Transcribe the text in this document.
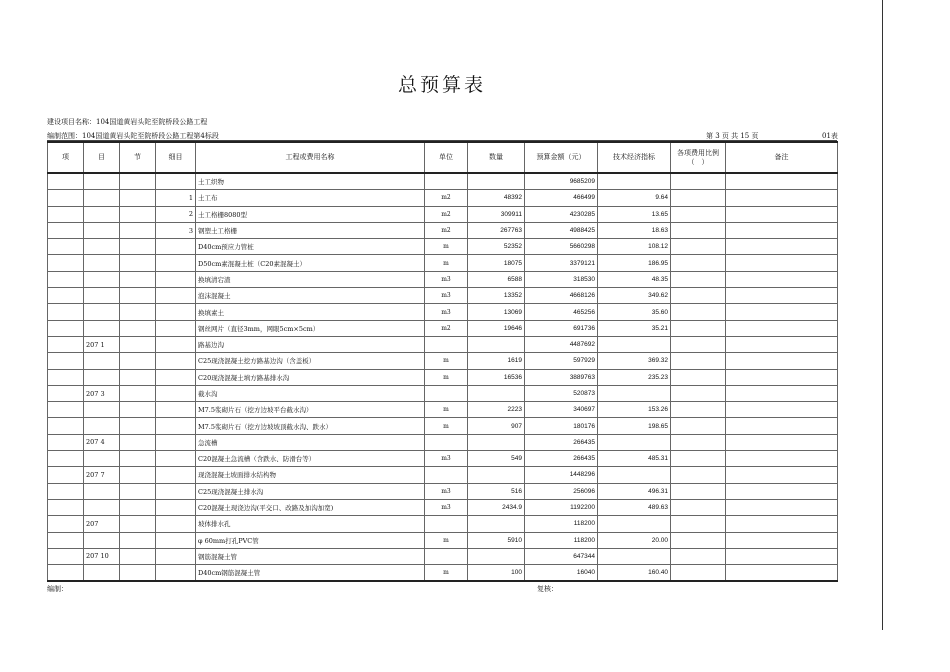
总预算表
建设项目名称：104国道黄岩头陀至院桥段公路工程
编制范围：104国道黄岩头陀至院桥段公路工程第4标段	第 3 页 共 15 页	01表
项	目	节	细目	工程或费用名称	单位	数量	预算金额（元）	技术经济指标	各项费用比例（　）	备注
				土工织物			9685209			
			1	土工布	m2	48392	466499	9.64		
			2	土工格栅8080型	m2	309911	4230285	13.65		
			3	钢塑土工格栅	m2	267763	4988425	18.63		
				D40cm预应力管桩	m	52352	5660298	108.12		
				D50cm素混凝土桩（C20素混凝土）	m	18075	3379121	186.95		
				换填清宕渣	m3	6588	318530	48.35		
				泡沫混凝土	m3	13352	4668126	349.62		
				换填素土	m3	13069	465256	35.60		
				钢丝网片（直径3mm，网眼5cm×5cm）	m2	19646	691736	35.21		
	207 1			路基边沟			4487692			
				C25现浇混凝土挖方路基边沟（含盖板）	m	1619	597929	369.32		
				C20现浇混凝土填方路基排水沟	m	16536	3889763	235.23		
	207 3			截水沟			520873			
				M7.5浆砌片石（挖方边坡平台截水沟）	m	2223	340697	153.26		
				M7.5浆砌片石（挖方边坡坡顶截水沟、跌水）	m	907	180176	198.65		
	207 4			急流槽			266435			
				C20混凝土急流槽（含跌水、防滑台等）	m3	549	266435	485.31		
	207 7			现浇混凝土坡面排水结构物			1448296			
				C25现浇混凝土排水沟	m3	516	256096	496.31		
				C20混凝土现浇边沟(平交口、改路及加沟加宽)	m3	2434.9	1192200	489.63		
	207			坡体排水孔			118200			
				φ 60mm打孔PVC管	m	5910	118200	20.00		
	207 10			钢筋混凝土管			647344			
				D40cm钢筋混凝土管	m	100	16040	160.40		
编制：	复核：
